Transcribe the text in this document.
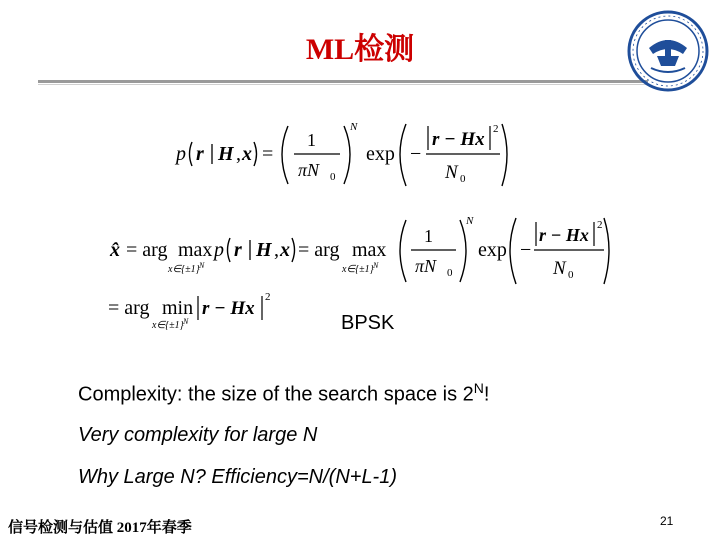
ML检测
p r H , x =
1
πN 0
N
exp −
r − Hx 2
N 0
x̂ = arg max
x∈{±1} N
p r H , x = arg max
x∈{±1} N
1
πN 0
N
exp −
r − Hx 2
N 0
= arg min
x∈{±1} N
r − Hx
2
BPSK
Complexity: the size of the search space is $2^N$!
Very complexity for large N
Why Large N? Efficiency=N/(N+L-1)
信号检测与估值 2017年春季	21
